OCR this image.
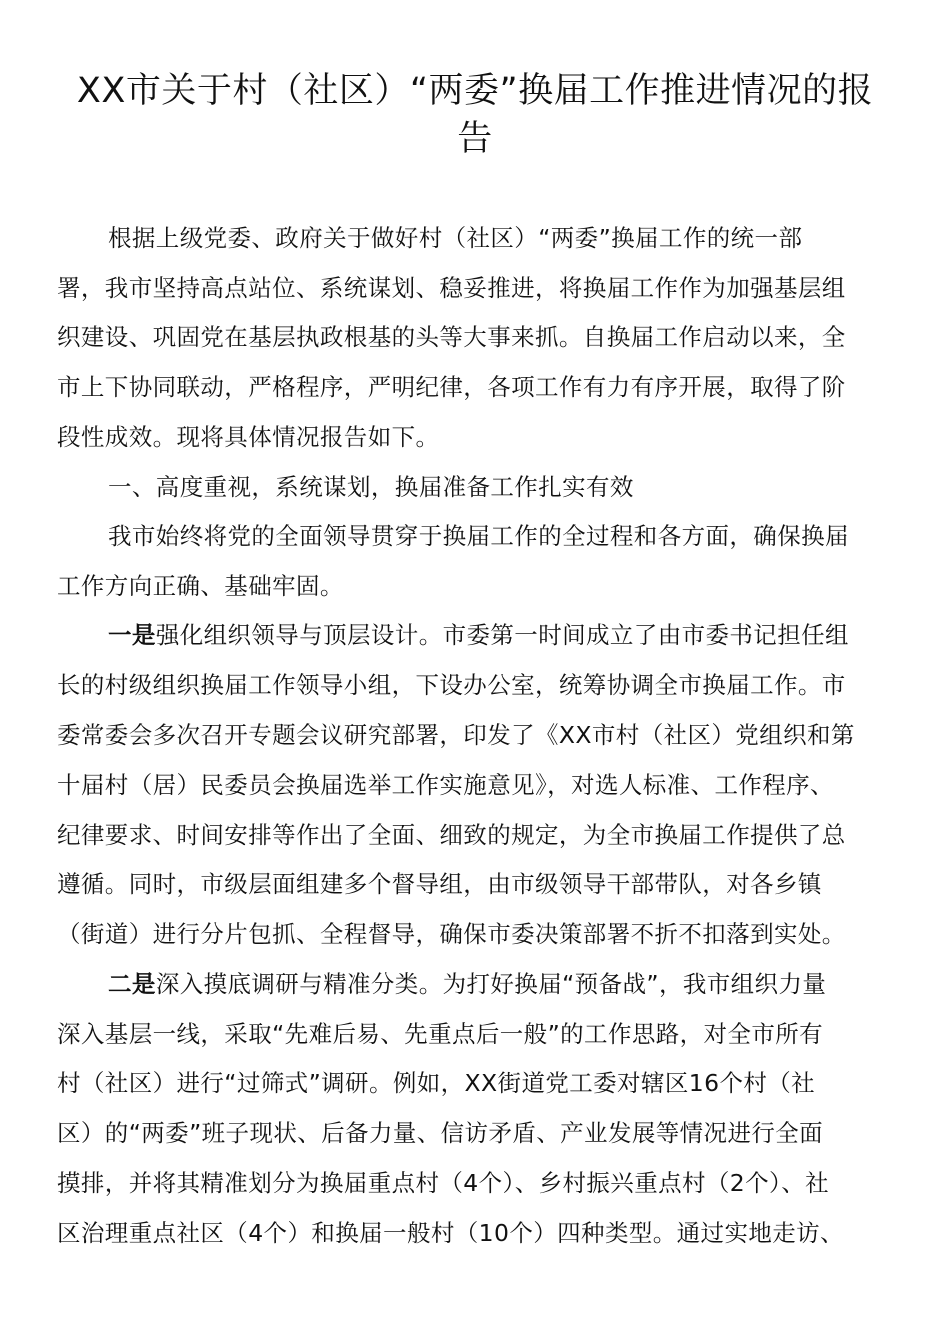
XX市关于村（社区）“两委”换届工作推进情况的报
告
根据上级党委、政府关于做好村（社区）“两委”换届工作的统一部
署，我市坚持高点站位、系统谋划、稳妥推进，将换届工作作为加强基层组
织建设、巩固党在基层执政根基的头等大事来抓。自换届工作启动以来，全
市上下协同联动，严格程序，严明纪律，各项工作有力有序开展，取得了阶
段性成效。现将具体情况报告如下。
一、高度重视，系统谋划，换届准备工作扎实有效
我市始终将党的全面领导贯穿于换届工作的全过程和各方面，确保换届
工作方向正确、基础牢固。
一是强化组织领导与顶层设计。市委第一时间成立了由市委书记担任组
长的村级组织换届工作领导小组，下设办公室，统筹协调全市换届工作。市
委常委会多次召开专题会议研究部署，印发了《XX市村（社区）党组织和第
十届村（居）民委员会换届选举工作实施意见》，对选人标准、工作程序、
纪律要求、时间安排等作出了全面、细致的规定，为全市换届工作提供了总
遵循。同时，市级层面组建多个督导组，由市级领导干部带队，对各乡镇
（街道）进行分片包抓、全程督导，确保市委决策部署不折不扣落到实处。
二是深入摸底调研与精准分类。为打好换届“预备战”，我市组织力量
深入基层一线，采取“先难后易、先重点后一般”的工作思路，对全市所有
村（社区）进行“过筛式”调研。例如，XX街道党工委对辖区16个村（社
区）的“两委”班子现状、后备力量、信访矛盾、产业发展等情况进行全面
摸排，并将其精准划分为换届重点村（4个）、乡村振兴重点村（2个）、社
区治理重点社区（4个）和换届一般村（10个）四种类型。通过实地走访、
